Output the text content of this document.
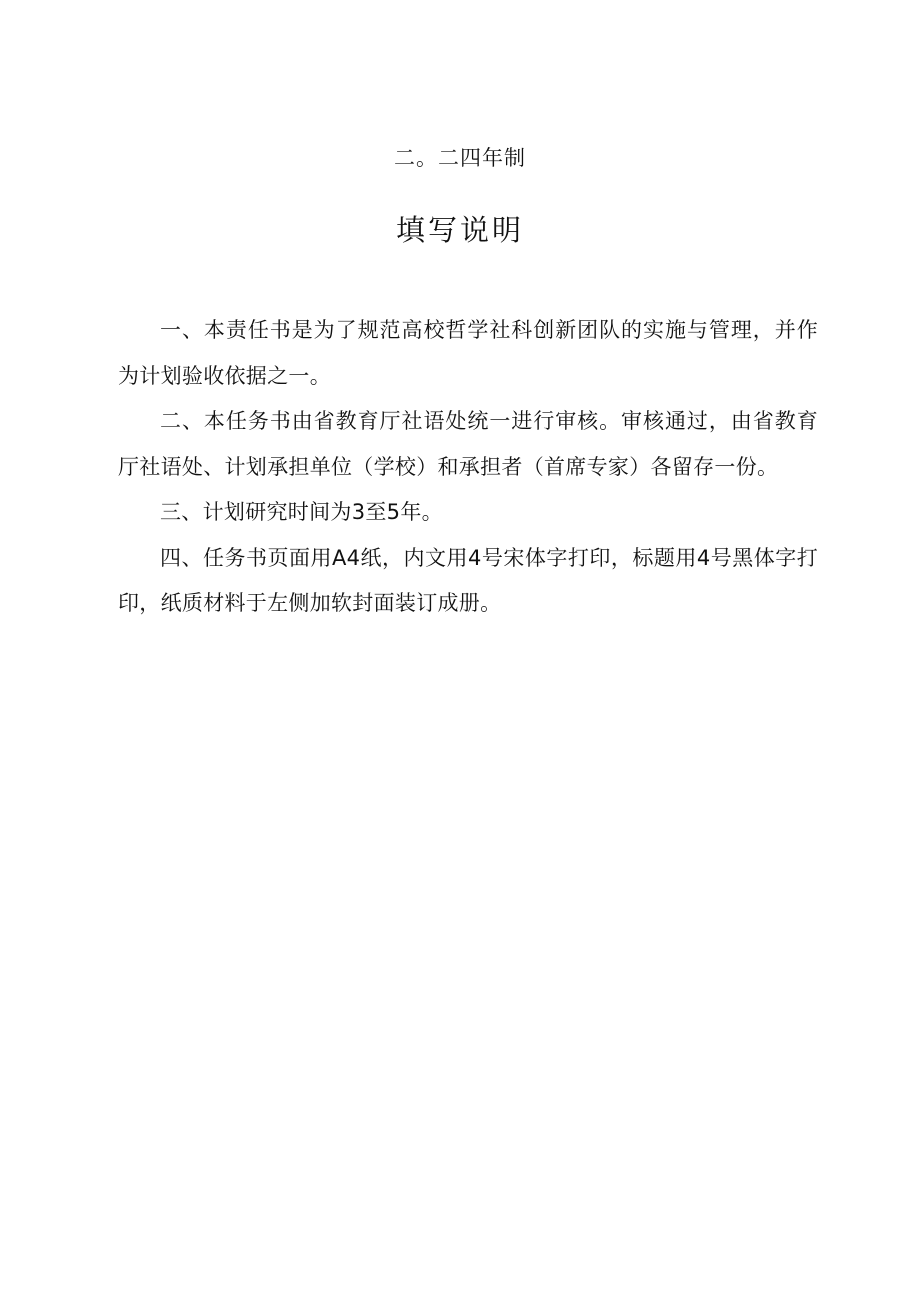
二。二四年制
填写说明

一、本责任书是为了规范高校哲学社科创新团队的实施与管理，并作为计划验收依据之一。

二、本任务书由省教育厅社语处统一进行审核。审核通过，由省教育厅社语处、计划承担单位（学校）和承担者（首席专家）各留存一份。

三、计划研究时间为3至5年。

四、任务书页面用A4纸，内文用4号宋体字打印，标题用4号黑体字打印，纸质材料于左侧加软封面装订成册。
